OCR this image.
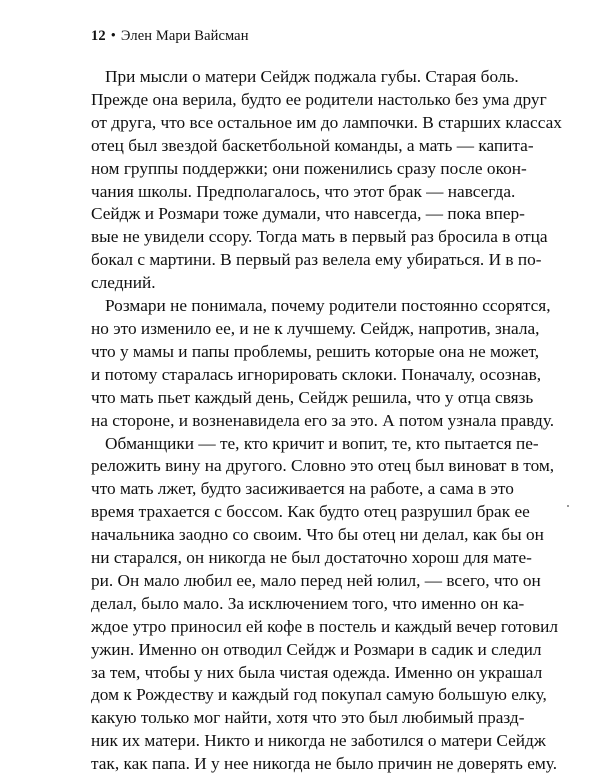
12 • Элен Мари Вайсман
При мысли о матери Сейдж поджала губы. Старая боль.
Прежде она верила, будто ее родители настолько без ума друг
от друга, что все остальное им до лампочки. В старших классах
отец был звездой баскетбольной команды, а мать — капита-
ном группы поддержки; они поженились сразу после окон-
чания школы. Предполагалось, что этот брак — навсегда.
Сейдж и Розмари тоже думали, что навсегда, — пока впер-
вые не увидели ссору. Тогда мать в первый раз бросила в отца
бокал с мартини. В первый раз велела ему убираться. И в по-
следний.
Розмари не понимала, почему родители постоянно ссорятся,
но это изменило ее, и не к лучшему. Сейдж, напротив, знала,
что у мамы и папы проблемы, решить которые она не может,
и потому старалась игнорировать склоки. Поначалу, осознав,
что мать пьет каждый день, Сейдж решила, что у отца связь
на стороне, и возненавидела его за это. А потом узнала правду.
Обманщики — те, кто кричит и вопит, те, кто пытается пе-
реложить вину на другого. Словно это отец был виноват в том,
что мать лжет, будто засиживается на работе, а сама в это
время трахается с боссом. Как будто отец разрушил брак ее
начальника заодно со своим. Что бы отец ни делал, как бы он
ни старался, он никогда не был достаточно хорош для мате-
ри. Он мало любил ее, мало перед ней юлил, — всего, что он
делал, было мало. За исключением того, что именно он ка-
ждое утро приносил ей кофе в постель и каждый вечер готовил
ужин. Именно он отводил Сейдж и Розмари в садик и следил
за тем, чтобы у них была чистая одежда. Именно он украшал
дом к Рождеству и каждый год покупал самую большую елку,
какую только мог найти, хотя что это был любимый празд-
ник их матери. Никто и никогда не заботился о матери Сейдж
так, как папа. И у нее никогда не было причин не доверять ему.
